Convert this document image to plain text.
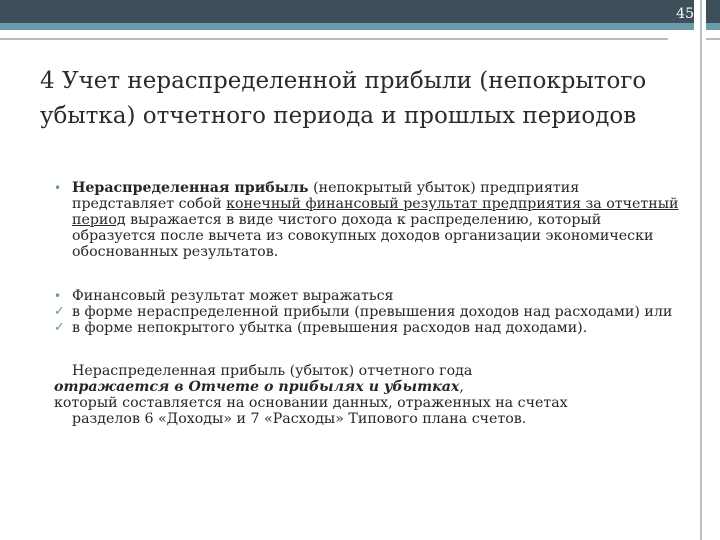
45
4 Учет нераспределенной прибыли (непокрытого убытка) отчетного периода и прошлых периодов
• Нераспределенная прибыль (непокрытый убыток) предприятия представляет собой конечный финансовый результат предприятия за отчетный период выражается в виде чистого дохода к распределению, который образуется после вычета из совокупных доходов организации экономически обоснованных результатов.
• Финансовый результат может выражаться
✓ в форме нераспределенной прибыли (превышения доходов над расходами) или
✓ в форме непокрытого убытка (превышения расходов над доходами).
Нераспределенная прибыль (убыток) отчетного года
отражается в Отчете о прибылях и убытках,
который составляется на основании данных, отраженных на счетах
разделов 6 «Доходы» и 7 «Расходы» Типового плана счетов.
